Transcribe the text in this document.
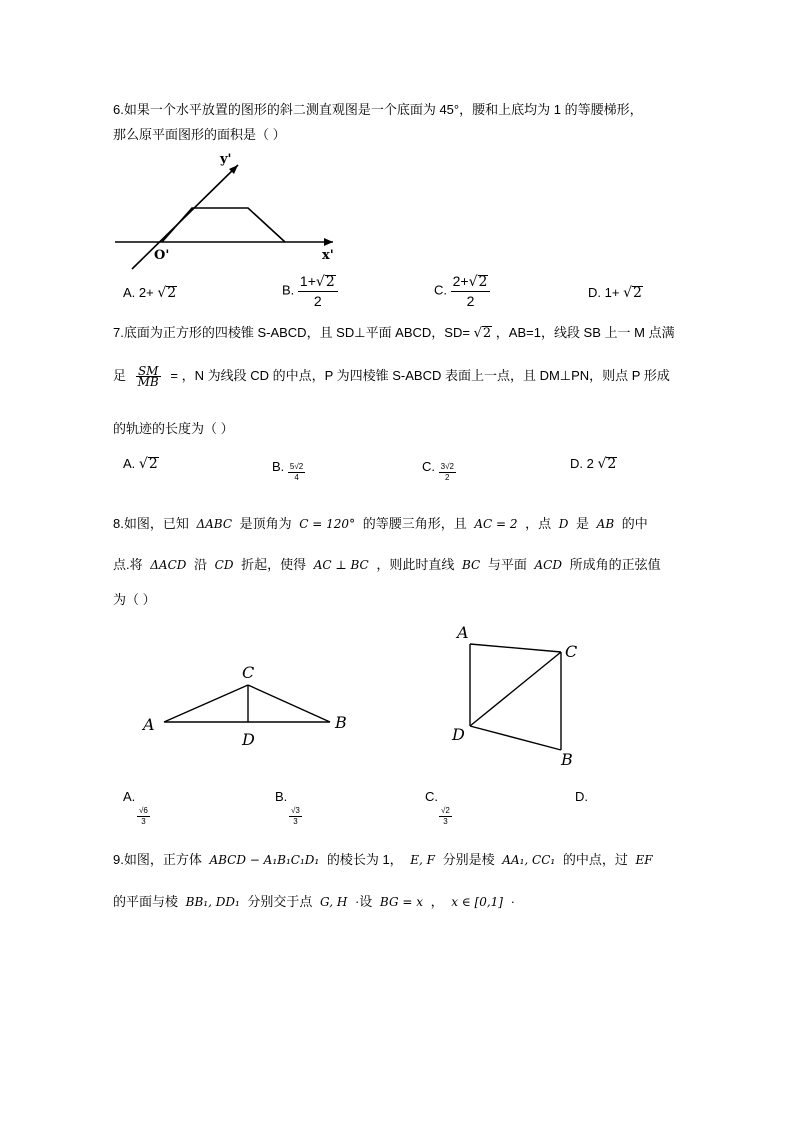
6.如果一个水平放置的图形的斜二测直观图是一个底面为 45°，腰和上底均为 1 的等腰梯形，
那么原平面图形的面积是（ ）
y'
O'	x'
A. 2+ √2	B. $\frac{1+√2}{2}$	C. $\frac{2+√2}{2}$	D. 1+ √2
7.底面为正方形的四棱锥 S-ABCD，且 SD⊥平面 ABCD，SD= √2 ，AB=1，线段 SB 上一 M 点满
足 $\frac{SM}{MB}$ = ，N 为线段 CD 的中点，P 为四棱锥 S-ABCD 表面上一点，且 DM⊥PN，则点 P 形成
的轨迹的长度为（ ）
A. √2	B. $\frac{5√2}{4}$	C. $\frac{3√2}{2}$	D. 2 √2
8.如图，已知 ΔABC 是顶角为 C = 120° 的等腰三角形，且 AC = 2 ，点 D 是 AB 的中
点.将 ΔACD 沿 CD 折起，使得 AC ⊥ BC ，则此时直线 BC 与平面 ACD 所成角的正弦值
为（ ）
C
A	B
D
A
C
D
B
A.

$\frac{√6}{3}$
B.

$\frac{√3}{3}$
C.

$\frac{√2}{3}$
D.
9.如图，正方体 ABCD − A₁B₁C₁D₁ 的棱长为 1， E, F 分别是棱 AA₁, CC₁ 的中点，过 EF
的平面与棱 BB₁, DD₁ 分别交于点 G, H ·设 BG = x ， x ∈ [0,1] ·
